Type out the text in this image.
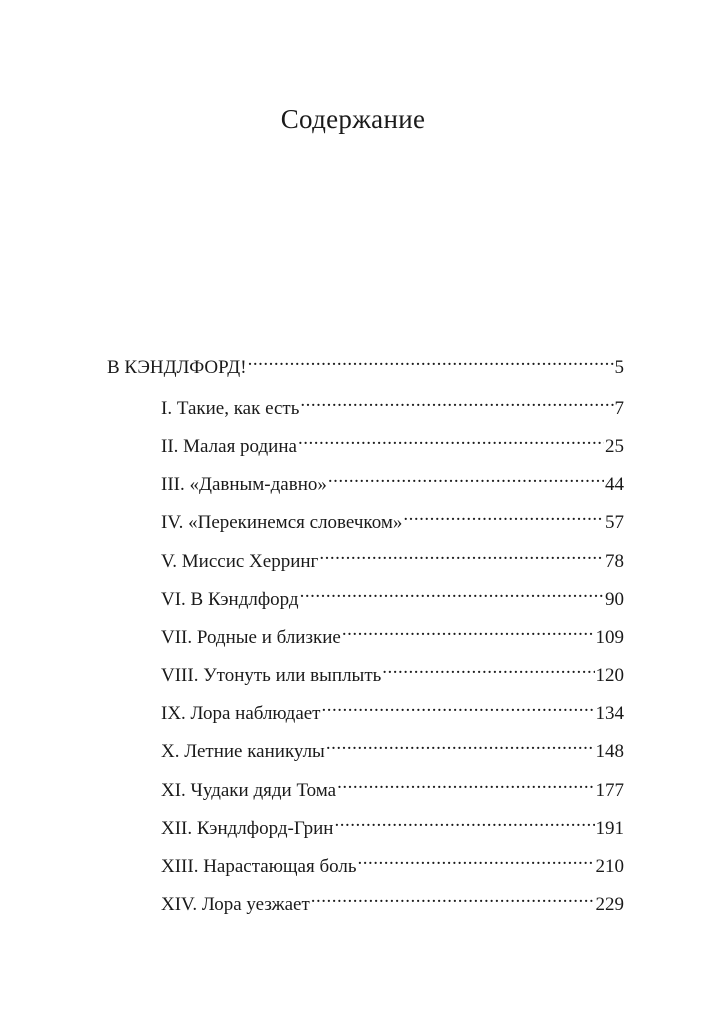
Содержание
В КЭНДЛФОРД! .....	5
I. Такие, как есть .....	7
II. Малая родина .....	25
III. «Давным-давно» .....	44
IV. «Перекинемся словечком» .....	57
V. Миссис Херринг .....	78
VI. В Кэндлфорд .....	90
VII. Родные и близкие .....	109
VIII. Утонуть или выплыть .....	120
IX. Лора наблюдает .....	134
X. Летние каникулы .....	148
XI. Чудаки дяди Тома .....	177
XII. Кэндлфорд-Грин .....	191
XIII. Нарастающая боль .....	210
XIV. Лора уезжает .....	229
